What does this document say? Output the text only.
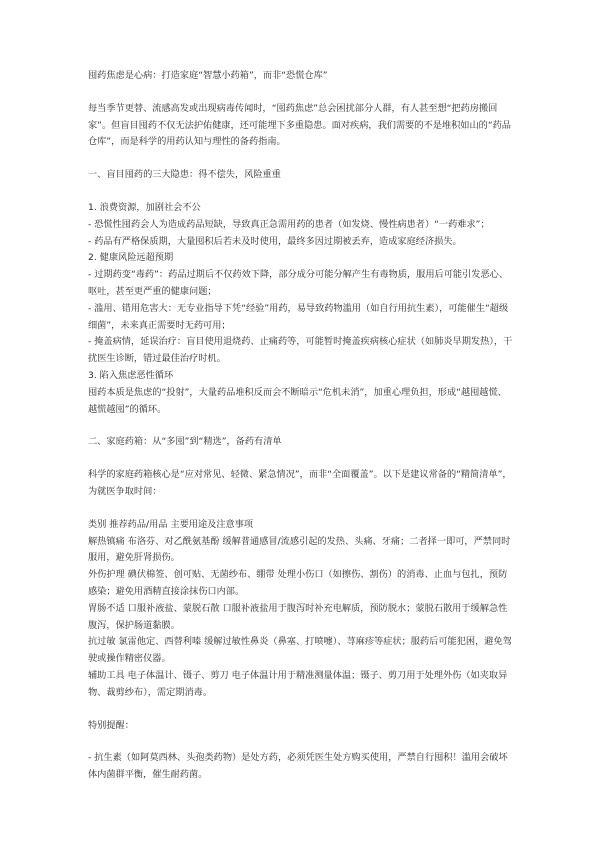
囤药焦虑是心病：打造家庭“智慧小药箱”，而非“恐慌仓库”

每当季节更替、流感高发或出现病毒传闻时，“囤药焦虑”总会困扰部分人群，有人甚至想“把药房搬回家”。但盲目囤药不仅无法护佑健康，还可能埋下多重隐患。面对疾病，我们需要的不是堆积如山的“药品仓库”，而是科学的用药认知与理性的备药指南。

一、盲目囤药的三大隐患：得不偿失，风险重重

1. 浪费资源，加剧社会不公

- 恐慌性囤药会人为造成药品短缺，导致真正急需用药的患者（如发烧、慢性病患者）“一药难求”；

- 药品有严格保质期，大量囤积后若未及时使用，最终多因过期被丢弃，造成家庭经济损失。

2. 健康风险远超预期

- 过期药变“毒药”：药品过期后不仅药效下降，部分成分可能分解产生有毒物质，服用后可能引发恶心、呕吐，甚至更严重的健康问题；

- 滥用、错用危害大：无专业指导下凭“经验”用药，易导致药物滥用（如自行用抗生素），可能催生“超级细菌”，未来真正需要时无药可用；

- 掩盖病情，延误治疗：盲目使用退烧药、止痛药等，可能暂时掩盖疾病核心症状（如肺炎早期发热），干扰医生诊断，错过最佳治疗时机。

3. 陷入焦虑恶性循环

囤药本质是焦虑的“投射”，大量药品堆积反而会不断暗示“危机未消”，加重心理负担，形成“越囤越慌、越慌越囤”的循环。

二、家庭药箱：从“多囤”到“精选”，备药有清单

科学的家庭药箱核心是“应对常见、轻微、紧急情况”，而非“全面覆盖”。以下是建议常备的“精简清单”，为就医争取时间：

类别 推荐药品/用品 主要用途及注意事项

解热镇痛 布洛芬、对乙酰氨基酚 缓解普通感冒/流感引起的发热、头痛、牙痛；二者择一即可，严禁同时服用，避免肝肾损伤。

外伤护理 碘伏棉签、创可贴、无菌纱布、绷带 处理小伤口（如擦伤、割伤）的消毒、止血与包扎，预防感染；避免用酒精直接涂抹伤口内部。

胃肠不适 口服补液盐、蒙脱石散 口服补液盐用于腹泻时补充电解质，预防脱水；蒙脱石散用于缓解急性腹泻，保护肠道黏膜。

抗过敏 氯雷他定、西替利嗪 缓解过敏性鼻炎（鼻塞、打喷嚏）、荨麻疹等症状；服药后可能犯困，避免驾驶或操作精密仪器。

辅助工具 电子体温计、镊子、剪刀 电子体温计用于精准测量体温；镊子、剪刀用于处理外伤（如夹取异物、裁剪纱布），需定期消毒。

特别提醒：

- 抗生素（如阿莫西林、头孢类药物）是处方药，必须凭医生处方购买使用，严禁自行囤积！滥用会破坏体内菌群平衡，催生耐药菌。
